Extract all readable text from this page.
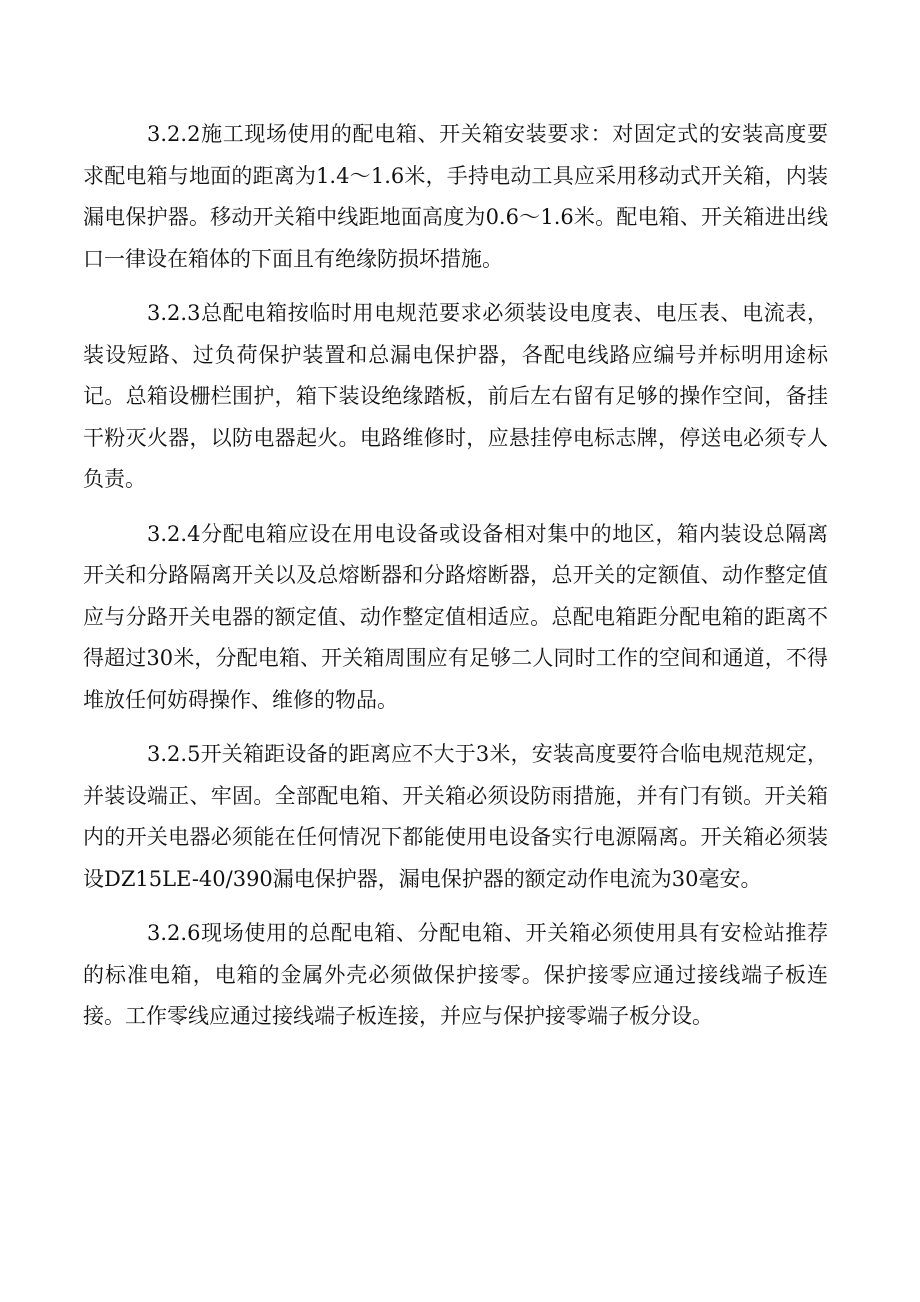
3.2.2施工现场使用的配电箱、开关箱安装要求：对固定式的安装高度要求配电箱与地面的距离为1.4～1.6米，手持电动工具应采用移动式开关箱，内装漏电保护器。移动开关箱中线距地面高度为0.6～1.6米。配电箱、开关箱进出线口一律设在箱体的下面且有绝缘防损坏措施。

3.2.3总配电箱按临时用电规范要求必须装设电度表、电压表、电流表，装设短路、过负荷保护装置和总漏电保护器，各配电线路应编号并标明用途标记。总箱设栅栏围护，箱下装设绝缘踏板，前后左右留有足够的操作空间，备挂干粉灭火器，以防电器起火。电路维修时，应悬挂停电标志牌，停送电必须专人负责。

3.2.4分配电箱应设在用电设备或设备相对集中的地区，箱内装设总隔离开关和分路隔离开关以及总熔断器和分路熔断器，总开关的定额值、动作整定值应与分路开关电器的额定值、动作整定值相适应。总配电箱距分配电箱的距离不得超过30米，分配电箱、开关箱周围应有足够二人同时工作的空间和通道，不得堆放任何妨碍操作、维修的物品。

3.2.5开关箱距设备的距离应不大于3米，安装高度要符合临电规范规定，并装设端正、牢固。全部配电箱、开关箱必须设防雨措施，并有门有锁。开关箱内的开关电器必须能在任何情况下都能使用电设备实行电源隔离。开关箱必须装设DZ15LE-40/390漏电保护器，漏电保护器的额定动作电流为30毫安。

3.2.6现场使用的总配电箱、分配电箱、开关箱必须使用具有安检站推荐的标准电箱，电箱的金属外壳必须做保护接零。保护接零应通过接线端子板连接。工作零线应通过接线端子板连接，并应与保护接零端子板分设。
